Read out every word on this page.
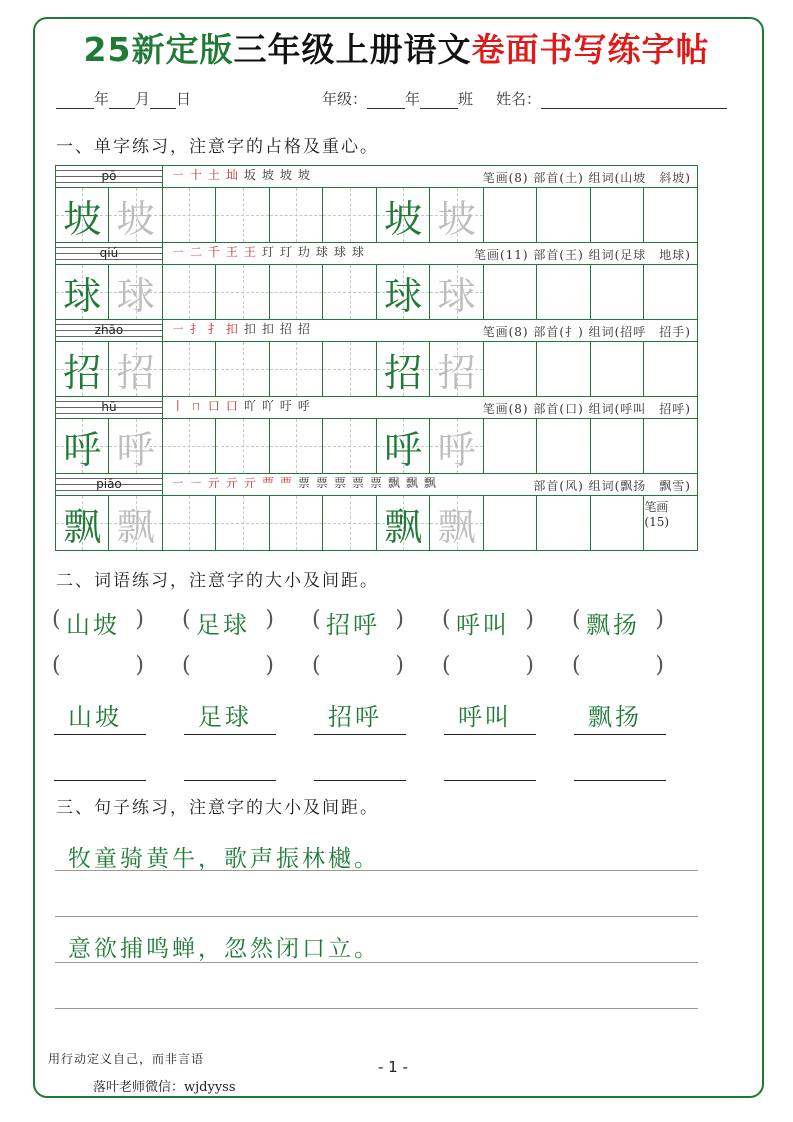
25新定版三年级上册语文卷面书写练字帖
年 月 日	年级：	年	班 姓名：
一、单字练习，注意字的占格及重心。
pō		㇐ 十 土 圸 坂 坡 坡 坡 笔画(8) 部首(土) 组词(山坡　斜坡)									

坡	坡					坡	坡				

qiú		㇐ 二 千 王 王 玎 玎 玏 球 球 球 笔画(11) 部首(王) 组词(足球　地球)									

球	球					球	球				

zhāo		㇐ 扌 扌 扣 扣 扣 招 招 笔画(8) 部首(扌) 组词(招呼　招手)									

招	招					招	招				

hū		丨 ㄇ 口 口 吖 吖 吁 呼 笔画(8) 部首(口) 组词(呼叫　招呼)									

呼	呼					呼	呼				

piāo		㇐ ㇐ 亓 亓 亓 覀 覀 票 票 票 票 票 飘 飘 飘 部首(风) 组词(飘扬　飘雪)									

飘	飘					飘	飘				笔画(15)
二、词语练习，注意字的大小及间距。
( 山坡 ) ( 足球 ) ( 招呼 ) ( 呼叫 ) ( 飘扬 )
(	) (	) (	) (	) (	)
山坡	足球	招呼	呼叫	飘扬
三、句子练习，注意字的大小及间距。
牧童骑黄牛，歌声振林樾。
意欲捕鸣蝉，忽然闭口立。
用行动定义自己，而非言语	- 1 -
落叶老师微信：wjdyyss
